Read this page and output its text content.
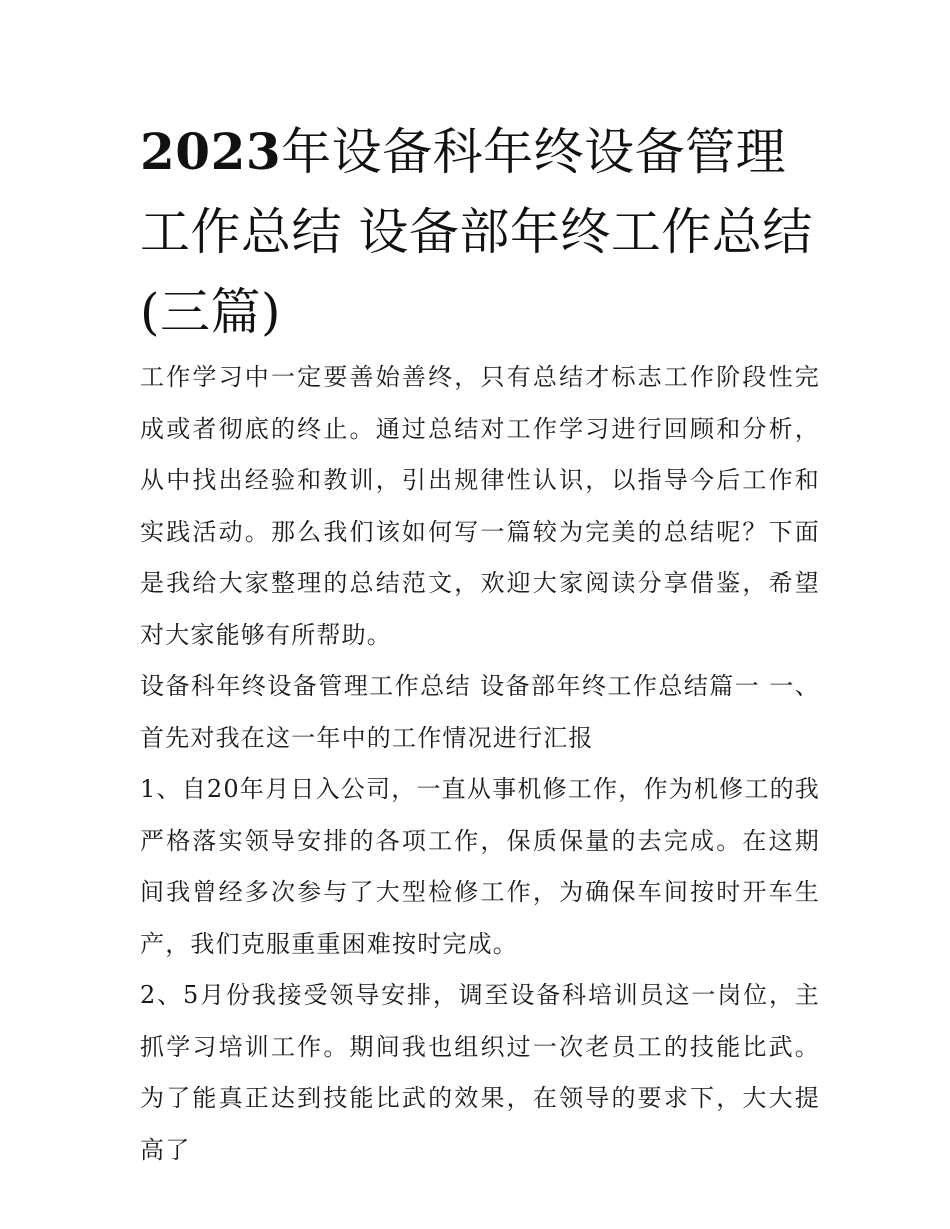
2023年设备科年终设备管理工作总结 设备部年终工作总结(三篇)

工作学习中一定要善始善终，只有总结才标志工作阶段性完成或者彻底的终止。通过总结对工作学习进行回顾和分析，从中找出经验和教训，引出规律性认识，以指导今后工作和实践活动。那么我们该如何写一篇较为完美的总结呢？下面是我给大家整理的总结范文，欢迎大家阅读分享借鉴，希望对大家能够有所帮助。

设备科年终设备管理工作总结 设备部年终工作总结篇一 一、首先对我在这一年中的工作情况进行汇报

1、自20年月日入公司，一直从事机修工作，作为机修工的我严格落实领导安排的各项工作，保质保量的去完成。在这期间我曾经多次参与了大型检修工作，为确保车间按时开车生产，我们克服重重困难按时完成。

2、5月份我接受领导安排，调至设备科培训员这一岗位，主抓学习培训工作。期间我也组织过一次老员工的技能比武。为了能真正达到技能比武的效果，在领导的要求下，大大提高了
